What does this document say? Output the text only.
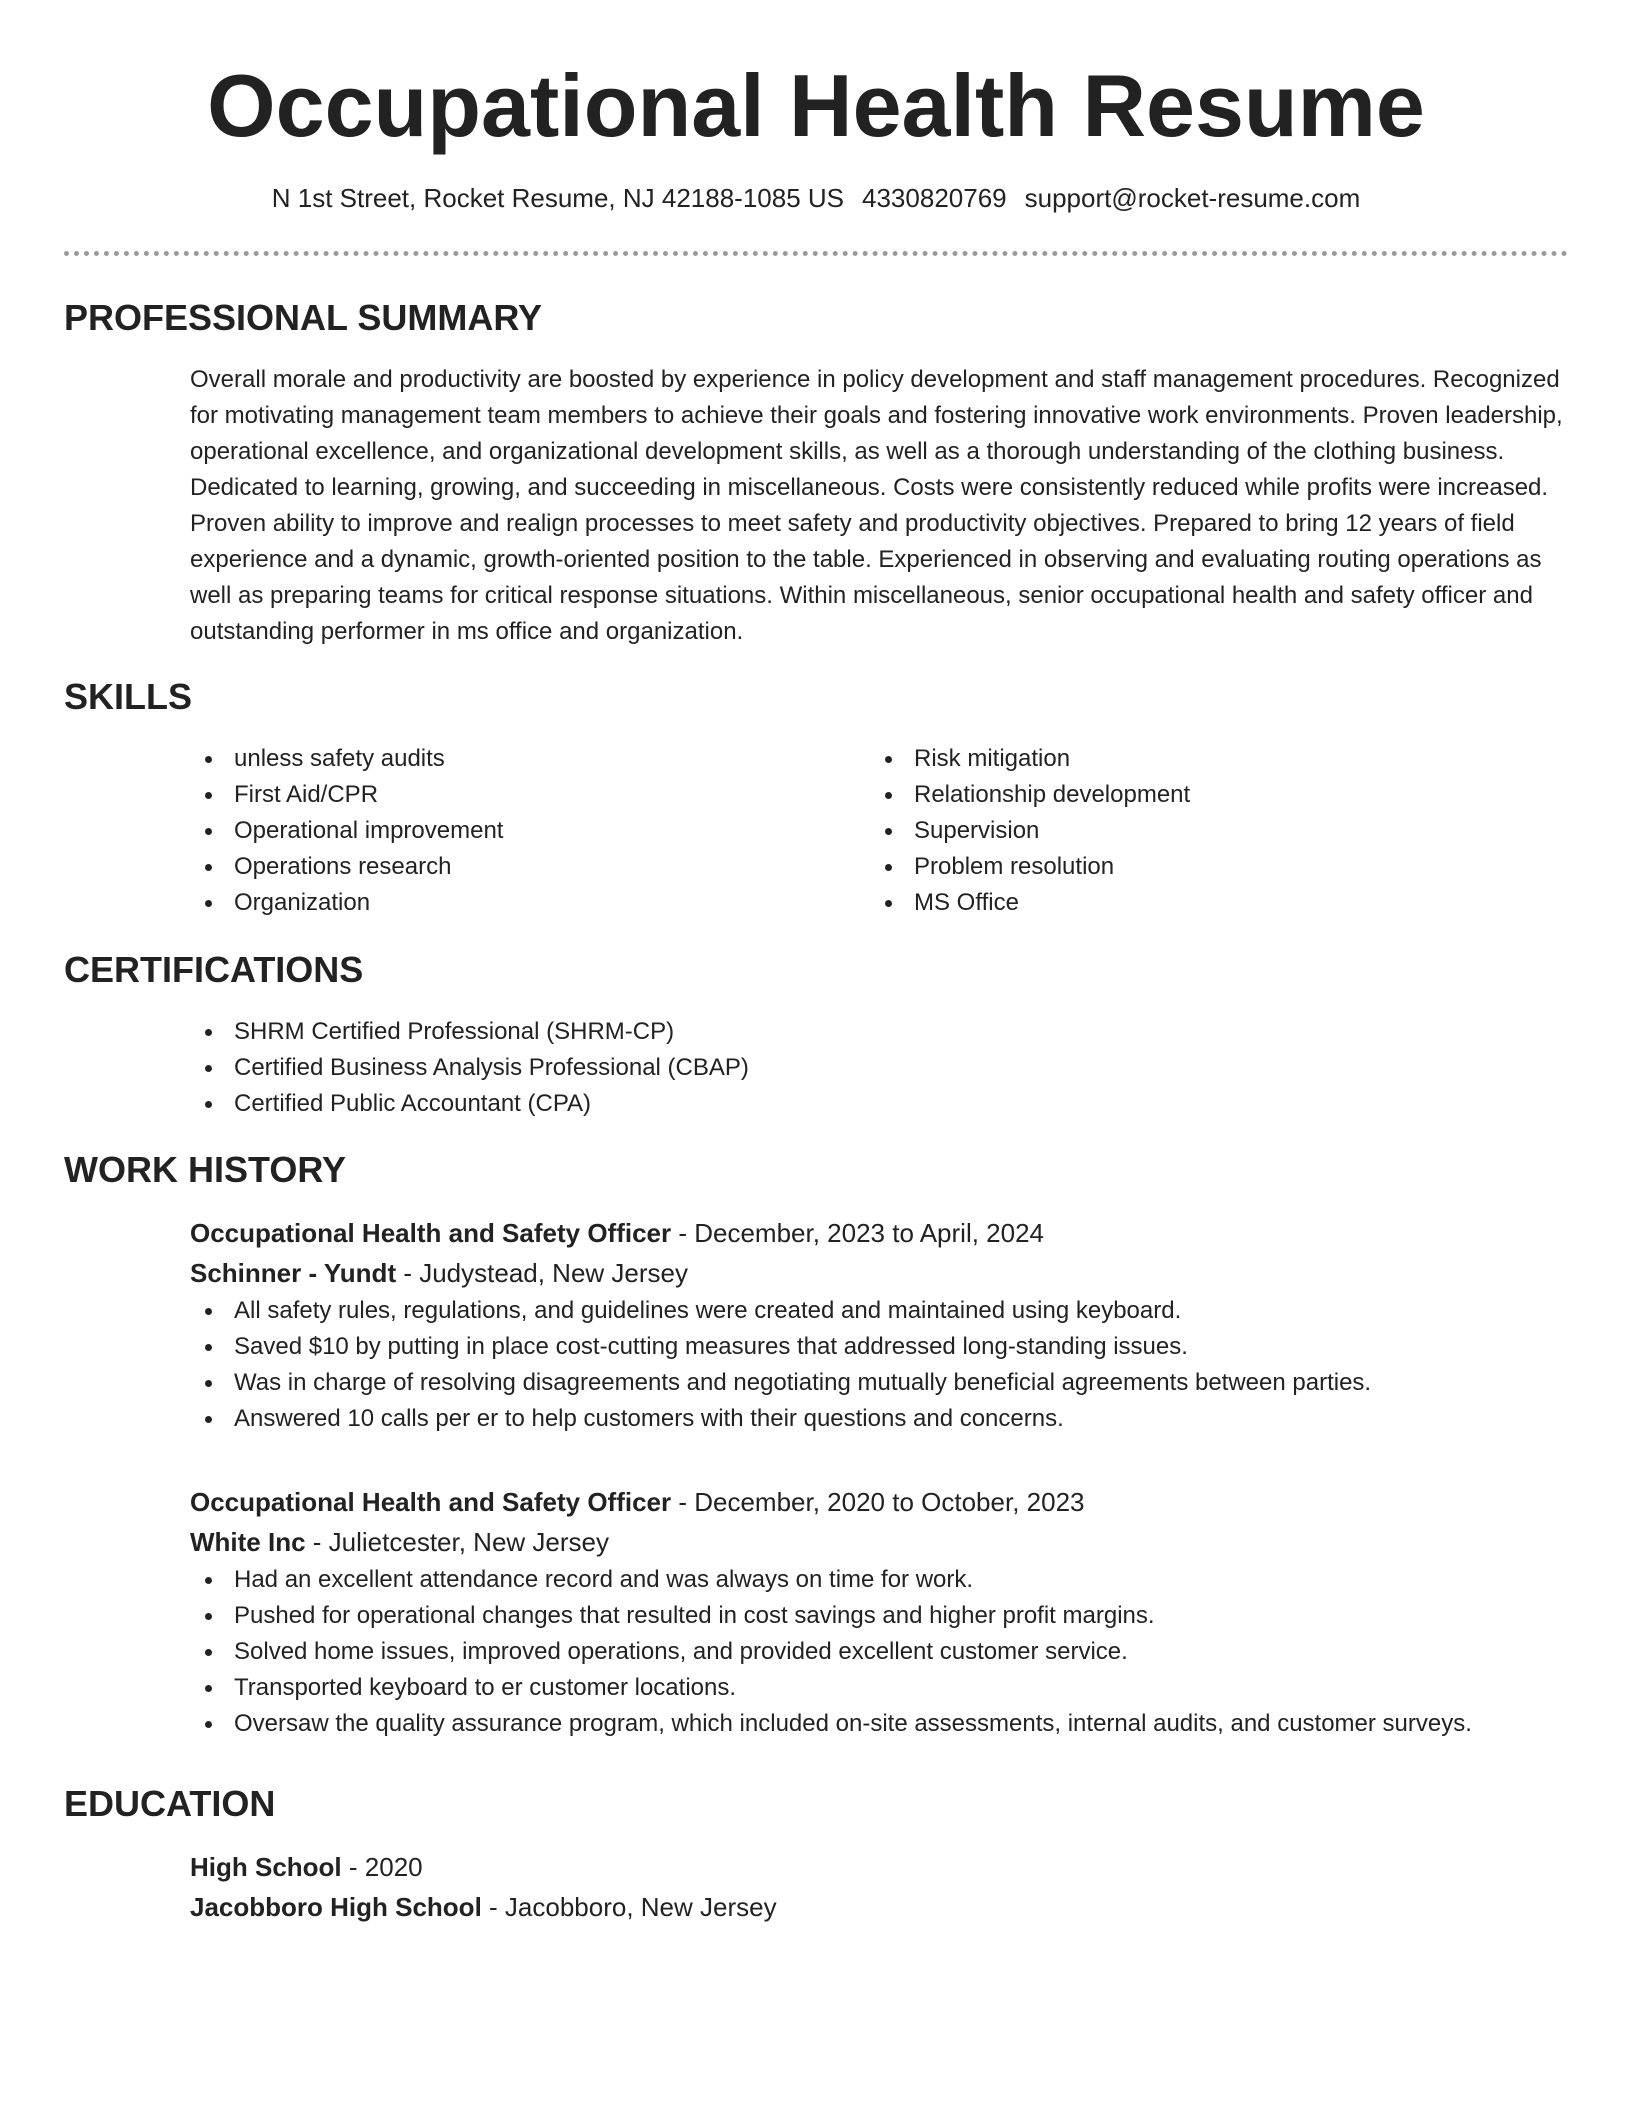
Occupational Health Resume
N 1st Street, Rocket Resume, NJ 42188-1085 US 4330820769 support@rocket-resume.com
PROFESSIONAL SUMMARY

Overall morale and productivity are boosted by experience in policy development and staff management procedures. Recognized for motivating management team members to achieve their goals and fostering innovative work environments. Proven leadership, operational excellence, and organizational development skills, as well as a thorough understanding of the clothing business. Dedicated to learning, growing, and succeeding in miscellaneous. Costs were consistently reduced while profits were increased. Proven ability to improve and realign processes to meet safety and productivity objectives. Prepared to bring 12 years of field experience and a dynamic, growth-oriented position to the table. Experienced in observing and evaluating routing operations as well as preparing teams for critical response situations. Within miscellaneous, senior occupational health and safety officer and outstanding performer in ms office and organization.

SKILLS
unless safety audits
First Aid/CPR
Operational improvement
Operations research
Organization
Risk mitigation
Relationship development
Supervision
Problem resolution
MS Office
CERTIFICATIONS
SHRM Certified Professional (SHRM-CP)
Certified Business Analysis Professional (CBAP)
Certified Public Accountant (CPA)
WORK HISTORY
Occupational Health and Safety Officer - December, 2023 to April, 2024
Schinner - Yundt - Judystead, New Jersey
All safety rules, regulations, and guidelines were created and maintained using keyboard.
Saved $10 by putting in place cost-cutting measures that addressed long-standing issues.
Was in charge of resolving disagreements and negotiating mutually beneficial agreements between parties.
Answered 10 calls per er to help customers with their questions and concerns.
Occupational Health and Safety Officer - December, 2020 to October, 2023
White Inc - Julietcester, New Jersey
Had an excellent attendance record and was always on time for work.
Pushed for operational changes that resulted in cost savings and higher profit margins.
Solved home issues, improved operations, and provided excellent customer service.
Transported keyboard to er customer locations.
Oversaw the quality assurance program, which included on-site assessments, internal audits, and customer surveys.
EDUCATION
High School - 2020
Jacobboro High School - Jacobboro, New Jersey
